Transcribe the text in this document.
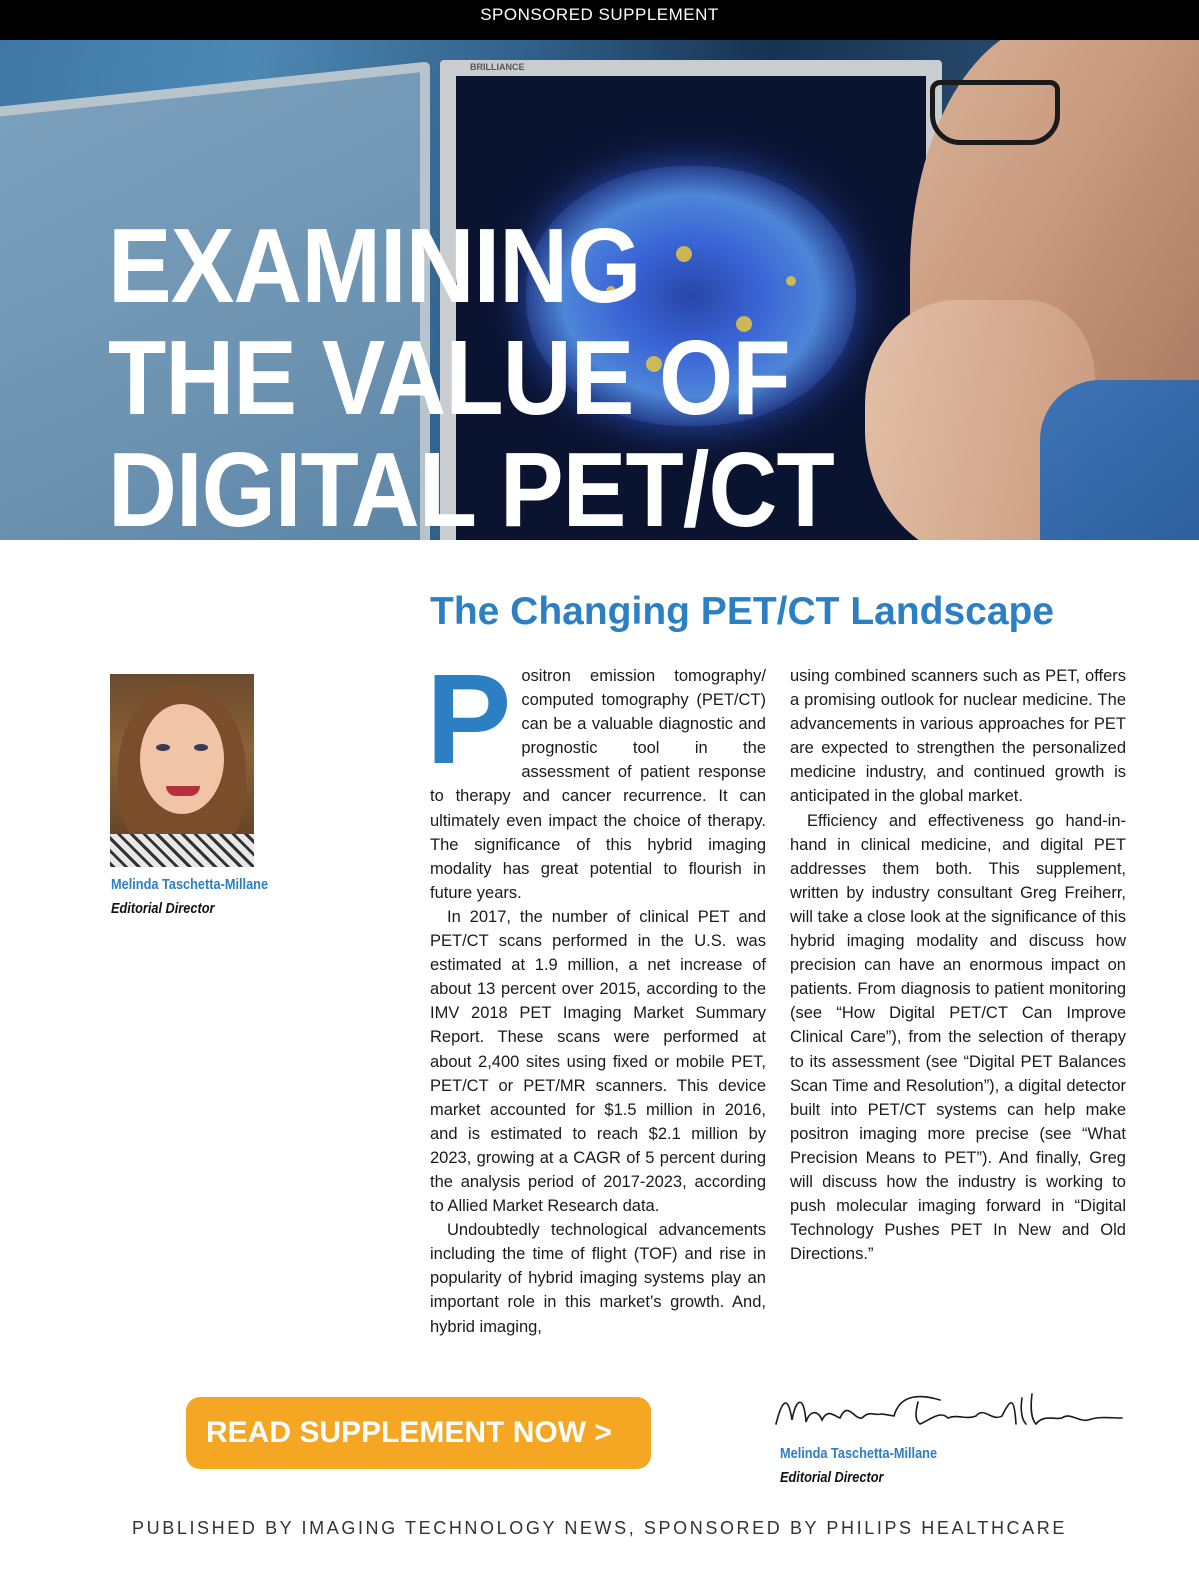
SPONSORED SUPPLEMENT
BRILLIANCE
EXAMINING
THE VALUE OF
DIGITAL PET/CT
The Changing PET/CT Landscape
Melinda Taschetta-Millane
Editorial Director

Positron emission tomography/ computed tomography (PET/CT) can be a valuable diagnostic and prognostic tool in the assessment of patient response to therapy and cancer recurrence. It can ultimately even impact the choice of therapy. The significance of this hybrid imaging modality has great potential to flourish in future years.

In 2017, the number of clinical PET and PET/CT scans performed in the U.S. was estimated at 1.9 million, a net increase of about 13 percent over 2015, according to the IMV 2018 PET Imaging Market Summary Report. These scans were performed at about 2,400 sites using fixed or mobile PET, PET/CT or PET/MR scanners. This device market accounted for $1.5 million in 2016, and is estimated to reach $2.1 million by 2023, growing at a CAGR of 5 percent during the analysis period of 2017-2023, according to Allied Market Research data.

Undoubtedly technological advancements including the time of flight (TOF) and rise in popularity of hybrid imaging systems play an important role in this market’s growth. And, hybrid imaging,

using combined scanners such as PET, offers a promising outlook for nuclear medicine. The advancements in various approaches for PET are expected to strengthen the personalized medicine industry, and continued growth is anticipated in the global market.

Efficiency and effectiveness go hand-in-hand in clinical medicine, and digital PET addresses them both. This supplement, written by industry consultant Greg Freiherr, will take a close look at the significance of this hybrid imaging modality and discuss how precision can have an enormous impact on patients. From diagnosis to patient monitoring (see “How Digital PET/CT Can Improve Clinical Care”), from the selection of therapy to its assessment (see “Digital PET Balances Scan Time and Resolution”), a digital detector built into PET/CT systems can help make positron imaging more precise (see “What Precision Means to PET”). And finally, Greg will discuss how the industry is working to push molecular imaging forward in “Digital Technology Pushes PET In New and Old Directions.”

READ SUPPLEMENT NOW >
Melinda Taschetta-Millane
Editorial Director
PUBLISHED BY IMAGING TECHNOLOGY NEWS, SPONSORED BY PHILIPS HEALTHCARE
